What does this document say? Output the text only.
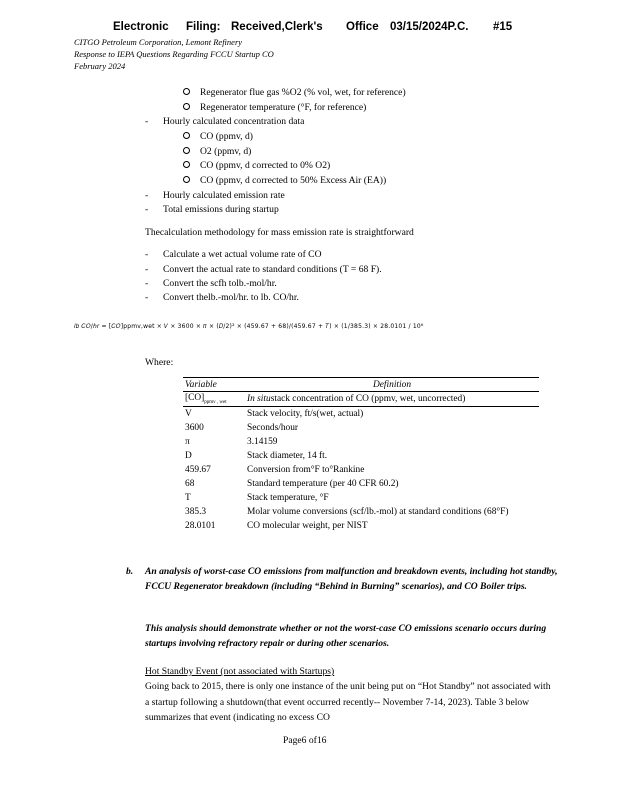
Electronic Filing: Received,Clerk's Office 03/15/2024P.C. #15
CITGO Petroleum Corporation, Lemont Refinery
Response to IEPA Questions Regarding FCCU Startup CO
February 2024
Regenerator flue gas %O2 (% vol, wet, for reference)
Regenerator temperature (°F, for reference)
- Hourly calculated concentration data
CO (ppmv, d)
O2 (ppmv, d)
CO (ppmv, d corrected to 0% O2)
CO (ppmv, d corrected to 50% Excess Air (EA))
- Hourly calculated emission rate
- Total emissions during startup
Thecalculation methodology for mass emission rate is straightforward
- Calculate a wet actual volume rate of CO
- Convert the actual rate to standard conditions (T = 68 F).
- Convert the scfh tolb.-mol/hr.
- Convert thelb.-mol/hr. to lb. CO/hr.
𝑙𝑏 𝐶𝑂/ℎ𝑟 = [𝐶𝑂]ppmv,wet × 𝑉 × 3600 × 𝜋 × (𝐷/2)² × (459.67 + 68)/(459.67 + 𝑇) × (1/385.3) × 28.0101 / 10⁶
Where:
Variable	Definition
$[CO]_{ppmv , wet}$	In situstack concentration of CO (ppmv, wet, uncorrected)
V	Stack velocity, ft/s(wet, actual)
3600	Seconds/hour
π	3.14159
D	Stack diameter, 14 ft.
459.67	Conversion from°F to°Rankine
68	Standard temperature (per 40 CFR 60.2)
T	Stack temperature, °F
385.3	Molar volume conversions (scf/lb.-mol) at standard conditions (68°F)
28.0101	CO molecular weight, per NIST
b. An analysis of worst-case CO emissions from malfunction and breakdown events, including hot standby, FCCU Regenerator breakdown (including “Behind in Burning” scenarios), and CO Boiler trips.
This analysis should demonstrate whether or not the worst-case CO emissions scenario occurs during startups involving refractory repair or during other scenarios.
Hot Standby Event (not associated with Startups)
Going back to 2015, there is only one instance of the unit being put on “Hot Standby” not associated with a startup following a shutdown(that event occurred recently-- November 7-14, 2023). Table 3 below summarizes that event (indicating no excess CO
Page6 of16
